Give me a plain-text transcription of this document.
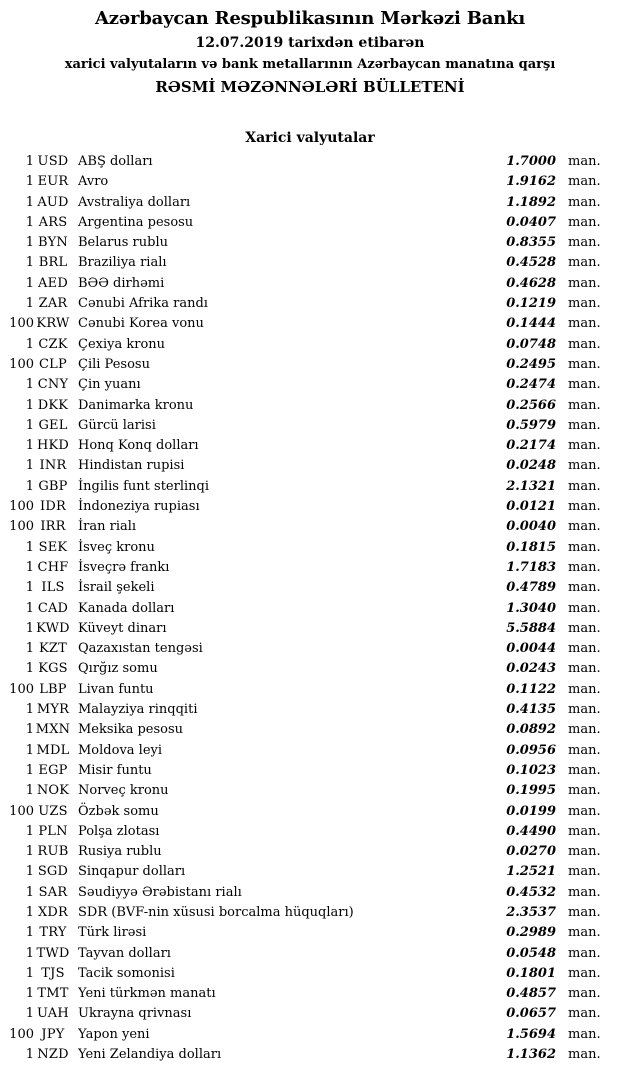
Azərbaycan Respublikasının Mərkəzi Bankı
12.07.2019 tarixdən etibarən
xarici valyutaların və bank metallarının Azərbaycan manatına qarşı
RƏSMİ MƏZƏNNƏLƏRİ BÜLLETENİ
Xarici valyutalar
1 USD ABŞ dolları	1.7000 man.
1 EUR Avro	1.9162 man.
1 AUD Avstraliya dolları	1.1892 man.
1 ARS Argentina pesosu	0.0407 man.
1 BYN Belarus rublu	0.8355 man.
1 BRL Braziliya rialı	0.4528 man.
1 AED BƏƏ dirhəmi	0.4628 man.
1 ZAR Cənubi Afrika randı	0.1219 man.
100 KRW Cənubi Korea vonu	0.1444 man.
1 CZK Çexiya kronu	0.0748 man.
100 CLP Çili Pesosu	0.2495 man.
1 CNY Çin yuanı	0.2474 man.
1 DKK Danimarka kronu	0.2566 man.
1 GEL Gürcü larisi	0.5979 man.
1 HKD Honq Konq dolları	0.2174 man.
1 INR Hindistan rupisi	0.0248 man.
1 GBP İngilis funt sterlinqi	2.1321 man.
100 IDR İndoneziya rupiası	0.0121 man.
100 IRR İran rialı	0.0040 man.
1 SEK İsveç kronu	0.1815 man.
1 CHF İsveçrə frankı	1.7183 man.
1 ILS	İsrail şekeli	0.4789 man.
1 CAD Kanada dolları	1.3040 man.
1 KWD Küveyt dinarı	5.5884 man.
1 KZT Qazaxıstan tengəsi	0.0044 man.
1 KGS Qırğız somu	0.0243 man.
100 LBP Livan funtu	0.1122 man.
1 MYR Malayziya rinqqiti	0.4135 man.
1 MXN Meksika pesosu	0.0892 man.
1 MDL Moldova leyi	0.0956 man.
1 EGP Misir funtu	0.1023 man.
1 NOK Norveç kronu	0.1995 man.
100 UZS Özbək somu	0.0199 man.
1 PLN Polşa zlotası	0.4490 man.
1 RUB Rusiya rublu	0.0270 man.
1 SGD Sinqapur dolları	1.2521 man.
1 SAR Səudiyyə Ərəbistanı rialı	0.4532 man.
1 XDR SDR (BVF-nin xüsusi borcalma hüquqları)	2.3537 man.
1 TRY Türk lirəsi	0.2989 man.
1 TWD Tayvan dolları	0.0548 man.
1 TJS	Tacik somonisi	0.1801 man.
1 TMT Yeni türkmən manatı	0.4857 man.
1 UAH Ukrayna qrivnası	0.0657 man.
100 JPY	Yapon yeni	1.5694 man.
1 NZD Yeni Zelandiya dolları	1.1362 man.
